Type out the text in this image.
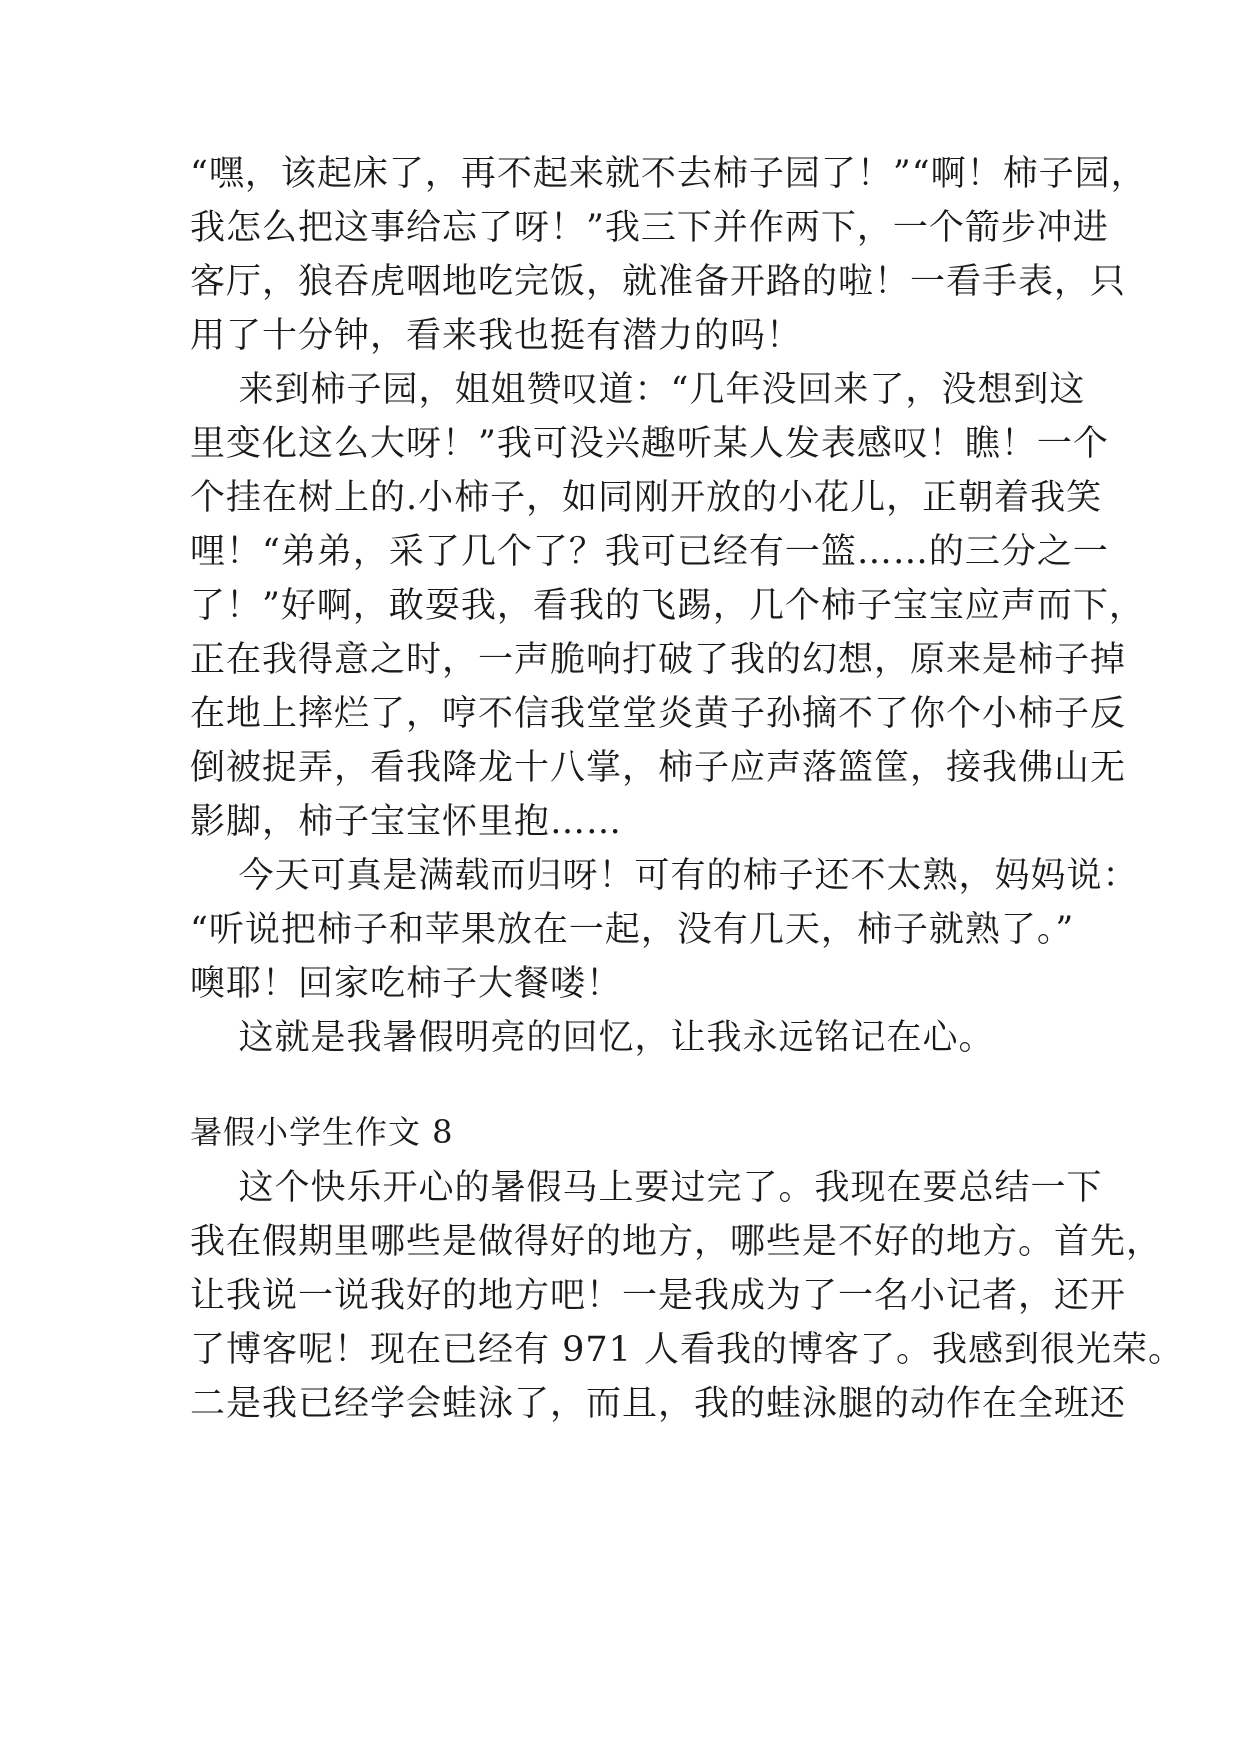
“嘿，该起床了，再不起来就不去柿子园了！”“啊！柿子园，
我怎么把这事给忘了呀！”我三下并作两下，一个箭步冲进
客厅，狼吞虎咽地吃完饭，就准备开路的啦！一看手表，只
用了十分钟，看来我也挺有潜力的吗！
来到柿子园，姐姐赞叹道：“几年没回来了，没想到这
里变化这么大呀！”我可没兴趣听某人发表感叹！瞧！一个
个挂在树上的.小柿子，如同刚开放的小花儿，正朝着我笑
哩！“弟弟，采了几个了？我可已经有一篮……的三分之一
了！”好啊，敢耍我，看我的飞踢，几个柿子宝宝应声而下，
正在我得意之时，一声脆响打破了我的幻想，原来是柿子掉
在地上摔烂了，哼不信我堂堂炎黄子孙摘不了你个小柿子反
倒被捉弄，看我降龙十八掌，柿子应声落篮筐，接我佛山无
影脚，柿子宝宝怀里抱……
今天可真是满载而归呀！可有的柿子还不太熟，妈妈说：
“听说把柿子和苹果放在一起，没有几天，柿子就熟了。”
噢耶！回家吃柿子大餐喽！
这就是我暑假明亮的回忆，让我永远铭记在心。
暑假小学生作文 8
这个快乐开心的暑假马上要过完了。我现在要总结一下
我在假期里哪些是做得好的地方，哪些是不好的地方。首先，
让我说一说我好的地方吧！一是我成为了一名小记者，还开
了博客呢！现在已经有 971 人看我的博客了。我感到很光荣。
二是我已经学会蛙泳了，而且，我的蛙泳腿的动作在全班还
